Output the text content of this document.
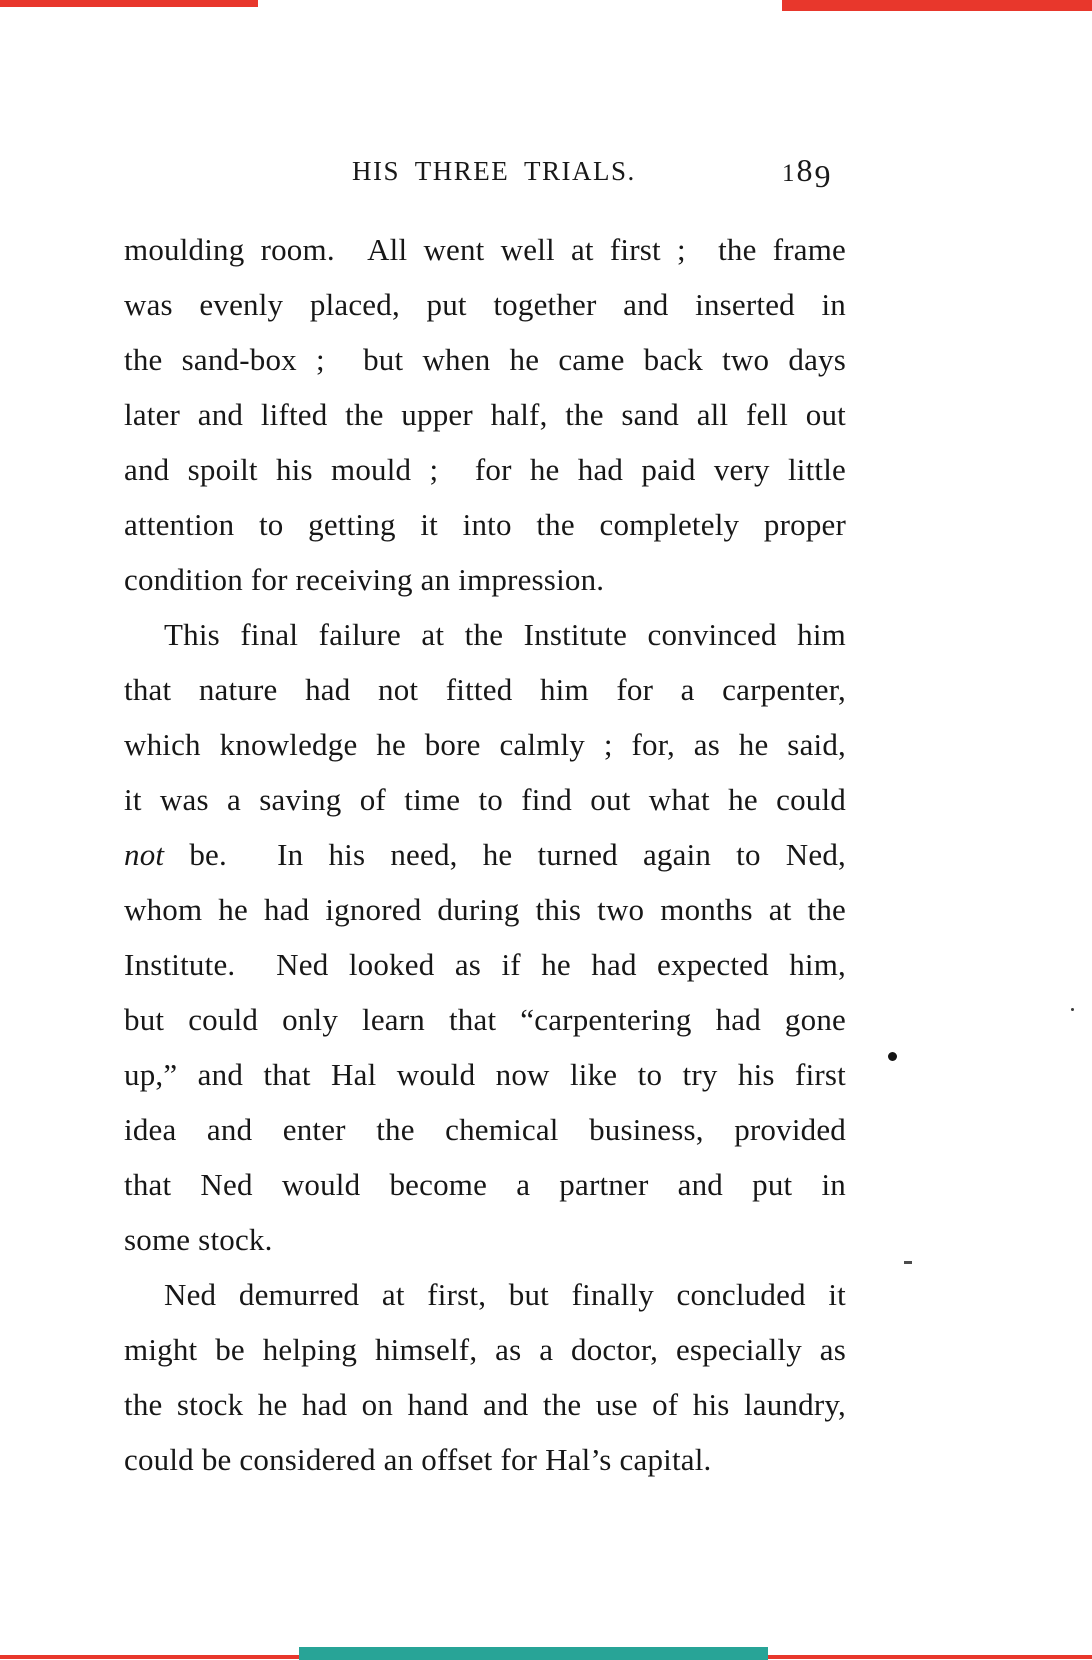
HIS THREE TRIALS.	189
moulding room.  All went well at first ;  the frame
was evenly placed, put together and inserted in
the sand-box ;  but when he came back two days
later and lifted the upper half, the sand all fell out
and spoilt his mould ;  for he had paid very little
attention to getting it into the completely proper
condition for receiving an impression.
This final failure at the Institute convinced him
that nature had not fitted him for a carpenter,
which knowledge he bore calmly ; for, as he said,
it was a saving of time to find out what he could
not be.  In his need, he turned again to Ned,
whom he had ignored during this two months at the
Institute.  Ned looked as if he had expected him,
but could only learn that “carpentering had gone
up,” and that Hal would now like to try his first
idea and enter the chemical business, provided
that Ned would become a partner and put in
some stock.
Ned demurred at first, but finally concluded it
might be helping himself, as a doctor, especially as
the stock he had on hand and the use of his laundry,
could be considered an offset for Hal’s capital.
